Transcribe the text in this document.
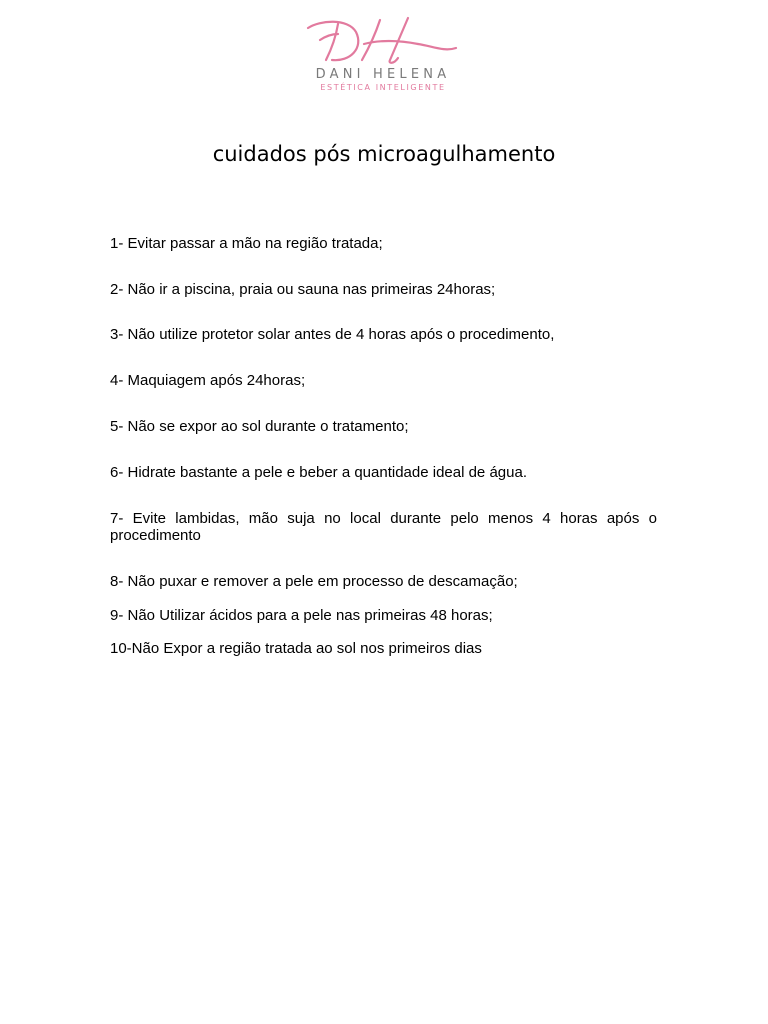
DANI HELENA
ESTÉTICA INTELIGENTE
cuidados pós microagulhamento

1- Evitar passar a mão na região tratada;

2- Não ir a piscina, praia ou sauna nas primeiras 24horas;

3- Não utilize protetor solar antes de 4 horas após o procedimento,

4- Maquiagem após 24horas;

5- Não se expor ao sol durante o tratamento;

6- Hidrate bastante a pele e beber a quantidade ideal de água.

7- Evite lambidas, mão suja no local durante pelo menos 4 horas após o procedimento

8- Não puxar e remover a pele em processo de descamação;

9- Não Utilizar ácidos para a pele nas primeiras 48 horas;

10-Não Expor a região tratada ao sol nos primeiros dias
